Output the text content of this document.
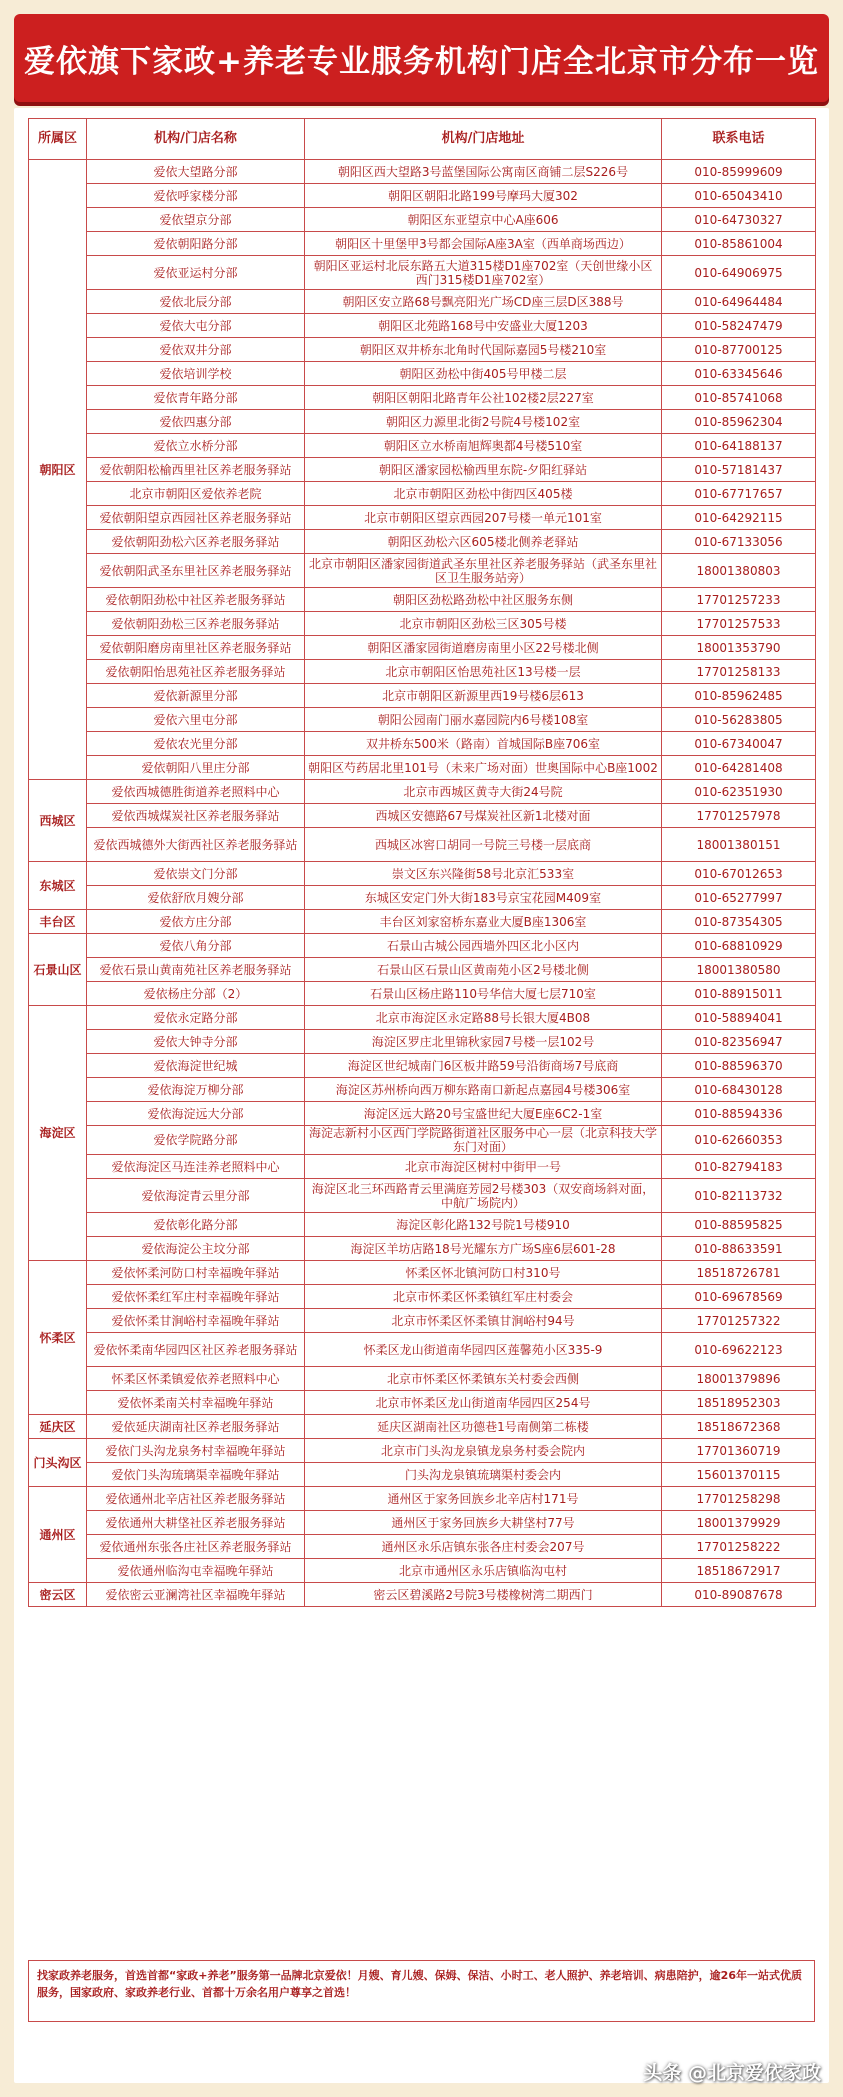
爱依旗下家政+养老专业服务机构门店全北京市分布一览
所属区	机构/门店名称	机构/门店地址	联系电话
朝阳区	爱依大望路分部	朝阳区西大望路3号蓝堡国际公寓南区商铺二层S226号	010-85999609
	爱依呼家楼分部	朝阳区朝阳北路199号摩玛大厦302	010-65043410
	爱依望京分部	朝阳区东亚望京中心A座606	010-64730327
	爱依朝阳路分部	朝阳区十里堡甲3号都会国际A座3A室（西单商场西边）	010-85861004
	爱依亚运村分部	朝阳区亚运村北辰东路五大道315楼D1座702室（天创世缘小区西门315楼D1座702室）	010-64906975
	爱依北辰分部	朝阳区安立路68号飘亮阳光广场CD座三层D区388号	010-64964484
	爱依大屯分部	朝阳区北苑路168号中安盛业大厦1203	010-58247479
	爱依双井分部	朝阳区双井桥东北角时代国际嘉园5号楼210室	010-87700125
	爱依培训学校	朝阳区劲松中街405号甲楼二层	010-63345646
	爱依青年路分部	朝阳区朝阳北路青年公社102楼2层227室	010-85741068
	爱依四惠分部	朝阳区力源里北街2号院4号楼102室	010-85962304
	爱依立水桥分部	朝阳区立水桥南旭辉奥都4号楼510室	010-64188137
	爱依朝阳松榆西里社区养老服务驿站	朝阳区潘家园松榆西里东院-夕阳红驿站	010-57181437
	北京市朝阳区爱依养老院	北京市朝阳区劲松中街四区405楼	010-67717657
	爱依朝阳望京西园社区养老服务驿站	北京市朝阳区望京西园207号楼一单元101室	010-64292115
	爱依朝阳劲松六区养老服务驿站	朝阳区劲松六区605楼北侧养老驿站	010-67133056
	爱依朝阳武圣东里社区养老服务驿站	北京市朝阳区潘家园街道武圣东里社区养老服务驿站（武圣东里社区卫生服务站旁）	18001380803
	爱依朝阳劲松中社区养老服务驿站	朝阳区劲松路劲松中社区服务东侧	17701257233
	爱依朝阳劲松三区养老服务驿站	北京市朝阳区劲松三区305号楼	17701257533
	爱依朝阳磨房南里社区养老服务驿站	朝阳区潘家园街道磨房南里小区22号楼北侧	18001353790
	爱依朝阳怡思苑社区养老服务驿站	北京市朝阳区怡思苑社区13号楼一层	17701258133
	爱依新源里分部	北京市朝阳区新源里西19号楼6层613	010-85962485
	爱依六里屯分部	朝阳公园南门丽水嘉园院内6号楼108室	010-56283805
	爱依农光里分部	双井桥东500米（路南）首城国际B座706室	010-67340047
	爱依朝阳八里庄分部	朝阳区芍药居北里101号（未来广场对面）世奥国际中心B座1002	010-64281408
西城区	爱依西城德胜街道养老照料中心	北京市西城区黄寺大街24号院	010-62351930
	爱依西城煤炭社区养老服务驿站	西城区安德路67号煤炭社区新1北楼对面	17701257978
	爱依西城德外大街西社区养老服务驿站	西城区冰窖口胡同一号院三号楼一层底商	18001380151
东城区	爱依崇文门分部	崇文区东兴隆街58号北京汇533室	010-67012653
	爱依舒欣月嫂分部	东城区安定门外大街183号京宝花园M409室	010-65277997
丰台区	爱依方庄分部	丰台区刘家窑桥东嘉业大厦B座1306室	010-87354305
石景山区	爱依八角分部	石景山古城公园西墙外四区北小区内	010-68810929
	爱依石景山黄南苑社区养老服务驿站	石景山区石景山区黄南苑小区2号楼北侧	18001380580
	爱依杨庄分部（2）	石景山区杨庄路110号华信大厦七层710室	010-88915011
海淀区	爱依永定路分部	北京市海淀区永定路88号长银大厦4B08	010-58894041
	爱依大钟寺分部	海淀区罗庄北里锦秋家园7号楼一层102号	010-82356947
	爱依海淀世纪城	海淀区世纪城南门6区板井路59号沿街商场7号底商	010-88596370
	爱依海淀万柳分部	海淀区苏州桥向西万柳东路南口新起点嘉园4号楼306室	010-68430128
	爱依海淀远大分部	海淀区远大路20号宝盛世纪大厦E座6C2-1室	010-88594336
	爱依学院路分部	海淀志新村小区西门学院路街道社区服务中心一层（北京科技大学东门对面）	010-62660353
	爱依海淀区马连洼养老照料中心	北京市海淀区树村中街甲一号	010-82794183
	爱依海淀青云里分部	海淀区北三环西路青云里满庭芳园2号楼303（双安商场斜对面，中航广场院内）	010-82113732
	爱依彰化路分部	海淀区彰化路132号院1号楼910	010-88595825
	爱依海淀公主坟分部	海淀区羊坊店路18号光耀东方广场S座6层601-28	010-88633591
怀柔区	爱依怀柔河防口村幸福晚年驿站	怀柔区怀北镇河防口村310号	18518726781
	爱依怀柔红军庄村幸福晚年驿站	北京市怀柔区怀柔镇红军庄村委会	010-69678569
	爱依怀柔甘涧峪村幸福晚年驿站	北京市怀柔区怀柔镇甘涧峪村94号	17701257322
	爱依怀柔南华园四区社区养老服务驿站	怀柔区龙山街道南华园四区莲馨苑小区335-9	010-69622123
	怀柔区怀柔镇爱依养老照料中心	北京市怀柔区怀柔镇东关村委会西侧	18001379896
	爱依怀柔南关村幸福晚年驿站	北京市怀柔区龙山街道南华园四区254号	18518952303
延庆区	爱依延庆湖南社区养老服务驿站	延庆区湖南社区功德巷1号南侧第二栋楼	18518672368
门头沟区	爱依门头沟龙泉务村幸福晚年驿站	北京市门头沟龙泉镇龙泉务村委会院内	17701360719
	爱依门头沟琉璃渠幸福晚年驿站	门头沟龙泉镇琉璃渠村委会内	15601370115
通州区	爱依通州北辛店社区养老服务驿站	通州区于家务回族乡北辛店村171号	17701258298
	爱依通州大耕垡社区养老服务驿站	通州区于家务回族乡大耕垡村77号	18001379929
	爱依通州东张各庄社区养老服务驿站	通州区永乐店镇东张各庄村委会207号	17701258222
	爱依通州临沟屯幸福晚年驿站	北京市通州区永乐店镇临沟屯村	18518672917
密云区	爱依密云亚澜湾社区幸福晚年驿站	密云区碧溪路2号院3号楼橡树湾二期西门	010-89087678
找家政养老服务，首选首都“家政+养老”服务第一品牌北京爱依！月嫂、育儿嫂、保姆、保洁、小时工、老人照护、养老培训、病患陪护，逾26年一站式优质服务，国家政府、家政养老行业、首都十万余名用户尊享之首选！
头条 @北京爱依家政
